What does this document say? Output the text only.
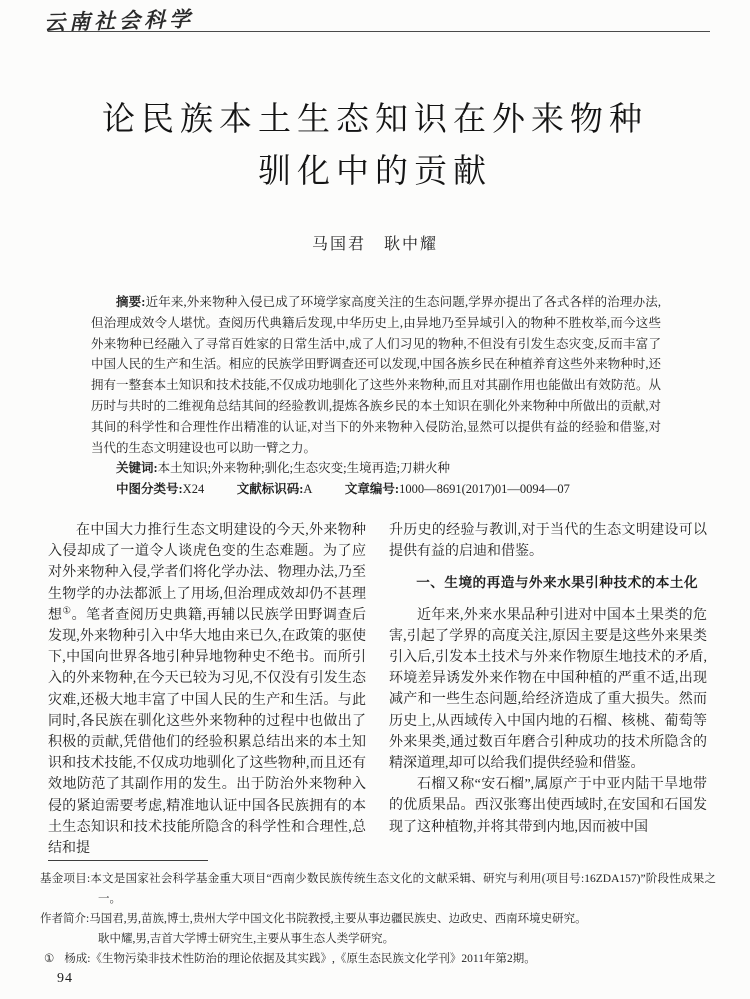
云南社会科学
论民族本土生态知识在外来物种
驯化中的贡献
马国君　耿中耀

摘要:近年来,外来物种入侵已成了环境学家高度关注的生态问题,学界亦提出了各式各样的治理办法,但治理成效令人堪忧。查阅历代典籍后发现,中华历史上,由异地乃至异域引入的物种不胜枚举,而今这些外来物种已经融入了寻常百姓家的日常生活中,成了人们习见的物种,不但没有引发生态灾变,反而丰富了中国人民的生产和生活。相应的民族学田野调查还可以发现,中国各族乡民在种植养育这些外来物种时,还拥有一整套本土知识和技术技能,不仅成功地驯化了这些外来物种,而且对其副作用也能做出有效防范。从历时与共时的二维视角总结其间的经验教训,提炼各族乡民的本土知识在驯化外来物种中所做出的贡献,对其间的科学性和合理性作出精准的认证,对当下的外来物种入侵防治,显然可以提供有益的经验和借鉴,对当代的生态文明建设也可以助一臂之力。

关键词:本土知识;外来物种;驯化;生态灾变;生境再造;刀耕火种

中图分类号:X24	文献标识码:A	文章编号:1000—8691(2017)01—0094—07

在中国大力推行生态文明建设的今天,外来物种入侵却成了一道令人谈虎色变的生态难题。为了应对外来物种入侵,学者们将化学办法、物理办法,乃至生物学的办法都派上了用场,但治理成效却仍不甚理想①。笔者查阅历史典籍,再辅以民族学田野调查后发现,外来物种引入中华大地由来已久,在政策的驱使下,中国向世界各地引种异地物种史不绝书。而所引入的外来物种,在今天已较为习见,不仅没有引发生态灾难,还极大地丰富了中国人民的生产和生活。与此同时,各民族在驯化这些外来物种的过程中也做出了积极的贡献,凭借他们的经验积累总结出来的本土知识和技术技能,不仅成功地驯化了这些物种,而且还有效地防范了其副作用的发生。出于防治外来物种入侵的紧迫需要考虑,精准地认证中国各民族拥有的本土生态知识和技术技能所隐含的科学性和合理性,总结和提

升历史的经验与教训,对于当代的生态文明建设可以提供有益的启迪和借鉴。

一、生境的再造与外来水果引种技术的本土化

近年来,外来水果品种引进对中国本土果类的危害,引起了学界的高度关注,原因主要是这些外来果类引入后,引发本土技术与外来作物原生地技术的矛盾,环境差异诱发外来作物在中国种植的严重不适,出现减产和一些生态问题,给经济造成了重大损失。然而历史上,从西域传入中国内地的石榴、核桃、葡萄等外来果类,通过数百年磨合引种成功的技术所隐含的精深道理,却可以给我们提供经验和借鉴。

石榴又称“安石榴”,属原产于中亚内陆干旱地带的优质果品。西汉张骞出使西域时,在安国和石国发现了这种植物,并将其带到内地,因而被中国

基金项目:本文是国家社会科学基金重大项目“西南少数民族传统生态文化的文献采辑、研究与利用(项目号:16ZDA157)”阶段性成果之一。

作者简介:马国君,男,苗族,博士,贵州大学中国文化书院教授,主要从事边疆民族史、边政史、西南环境史研究。

耿中耀,男,吉首大学博士研究生,主要从事生态人类学研究。

① 杨成:《生物污染非技术性防治的理论依据及其实践》,《原生态民族文化学刊》2011年第2期。

94
